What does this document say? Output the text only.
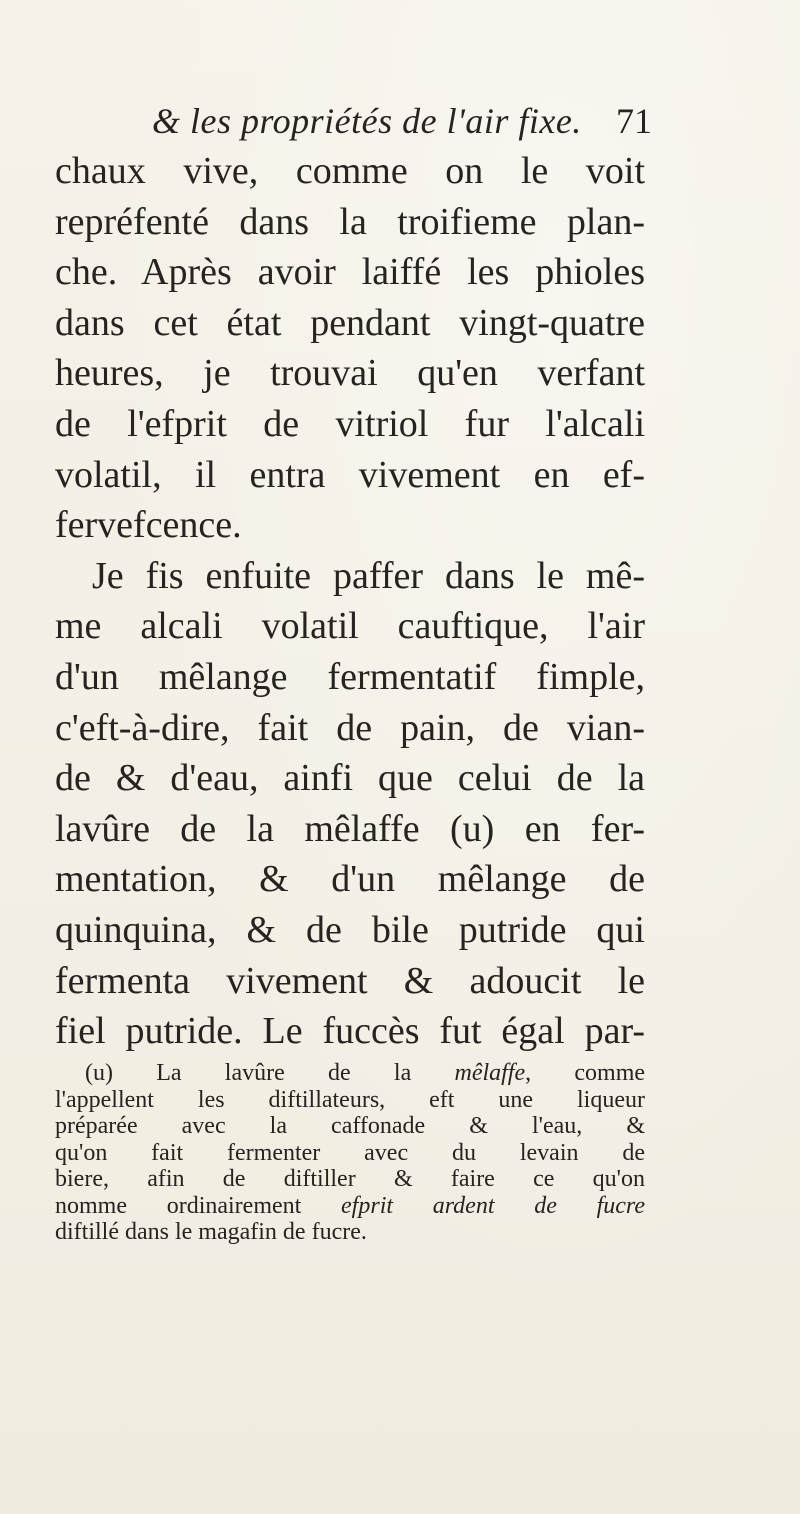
& les propriétés de l'air fixe. 71
chaux vive, comme on le voit
repréfenté dans la troifieme plan-
che. Après avoir laiffé les phioles
dans cet état pendant vingt-quatre
heures, je trouvai qu'en verfant
de l'efprit de vitriol fur l'alcali
volatil, il entra vivement en ef-
fervefcence.
Je fis enfuite paffer dans le mê-
me alcali volatil cauftique, l'air
d'un mêlange fermentatif fimple,
c'eft-à-dire, fait de pain, de vian-
de & d'eau, ainfi que celui de la
lavûre de la mêlaffe (u) en fer-
mentation, & d'un mêlange de
quinquina, & de bile putride qui
fermenta vivement & adoucit le
fiel putride. Le fuccès fut égal par-
(u) La lavûre de la mêlaffe, comme
l'appellent les diftillateurs, eft une liqueur
préparée avec la caffonade & l'eau, &
qu'on fait fermenter avec du levain de
biere, afin de diftiller & faire ce qu'on
nomme ordinairement efprit ardent de fucre
diftillé dans le magafin de fucre.
